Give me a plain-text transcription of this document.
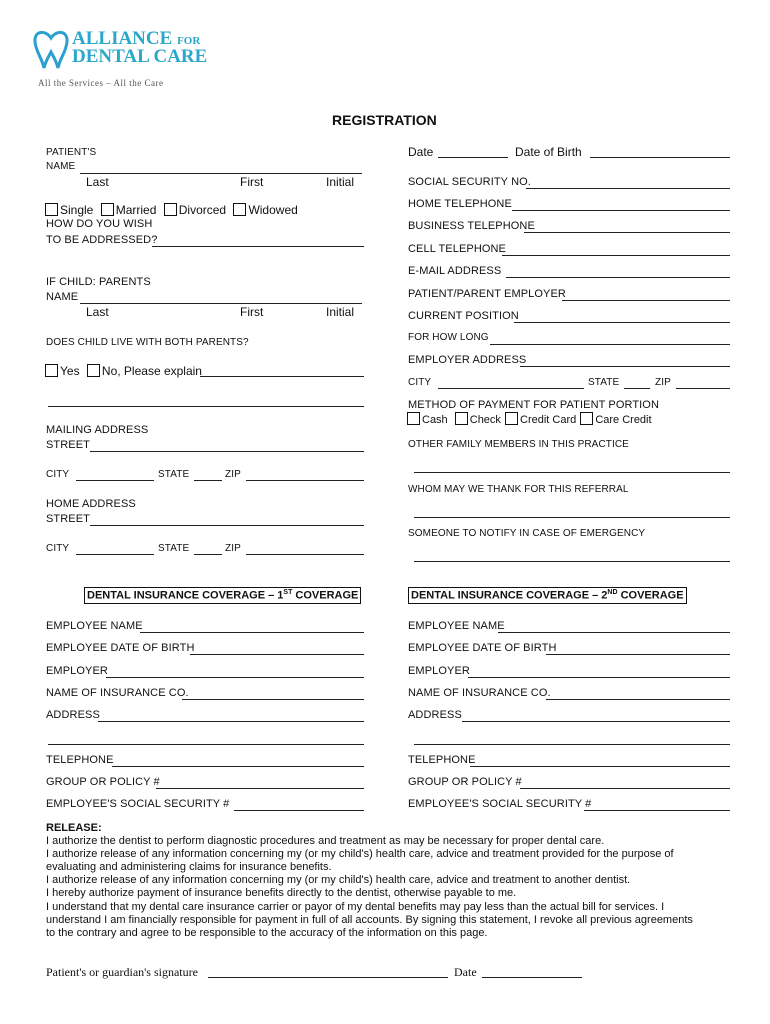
ALLIANCE FOR
DENTAL CARE
All the Services – All the Care
REGISTRATION
PATIENT'S
NAME
Last	First	Initial
Single Married Divorced Widowed
HOW DO YOU WISH
TO BE ADDRESSED?
IF CHILD: PARENTS
NAME
Last	First	Initial
DOES CHILD LIVE WITH BOTH PARENTS?
Yes No, Please explain
MAILING ADDRESS
STREET
CITY	STATE	ZIP
HOME ADDRESS
STREET
CITY	STATE	ZIP
Date	Date of Birth
SOCIAL SECURITY NO.
HOME TELEPHONE
BUSINESS TELEPHONE
CELL TELEPHONE
E-MAIL ADDRESS
PATIENT/PARENT EMPLOYER
CURRENT POSITION
FOR HOW LONG
EMPLOYER ADDRESS
CITY	STATE	ZIP
METHOD OF PAYMENT FOR PATIENT PORTION
Cash Check Credit Card Care Credit
OTHER FAMILY MEMBERS IN THIS PRACTICE
WHOM MAY WE THANK FOR THIS REFERRAL
SOMEONE TO NOTIFY IN CASE OF EMERGENCY
DENTAL INSURANCE COVERAGE – 1ST COVERAGE
EMPLOYEE NAME
EMPLOYEE DATE OF BIRTH
EMPLOYER
NAME OF INSURANCE CO.
ADDRESS
TELEPHONE
GROUP OR POLICY #
EMPLOYEE'S SOCIAL SECURITY #
DENTAL INSURANCE COVERAGE – 2ND COVERAGE
EMPLOYEE NAME
EMPLOYEE DATE OF BIRTH
EMPLOYER
NAME OF INSURANCE CO.
ADDRESS
TELEPHONE
GROUP OR POLICY #
EMPLOYEE'S SOCIAL SECURITY #
RELEASE:
I authorize the dentist to perform diagnostic procedures and treatment as may be necessary for proper dental care.
I authorize release of any information concerning my (or my child's) health care, advice and treatment provided for the purpose of
evaluating and administering claims for insurance benefits.
I authorize release of any information concerning my (or my child's) health care, advice and treatment to another dentist.
I hereby authorize payment of insurance benefits directly to the dentist, otherwise payable to me.
I understand that my dental care insurance carrier or payor of my dental benefits may pay less than the actual bill for services. I
understand I am financially responsible for payment in full of all accounts. By signing this statement, I revoke all previous agreements
to the contrary and agree to be responsible to the accuracy of the information on this page.
Patient's or guardian's signature	Date
